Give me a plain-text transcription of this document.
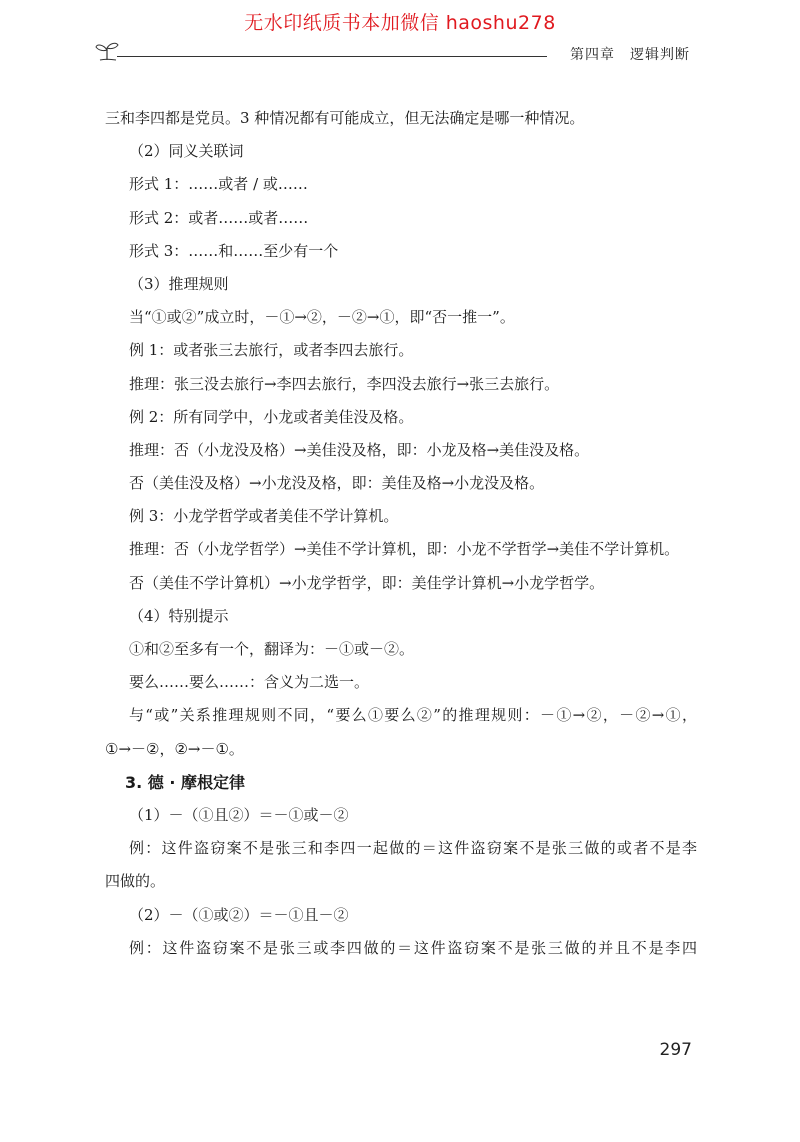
无水印纸质书本加微信 haoshu278
第四章　逻辑判断
三和李四都是党员。3 种情况都有可能成立，但无法确定是哪一种情况。
（2）同义关联词
形式 1：……或者 / 或……
形式 2：或者……或者……
形式 3：……和……至少有一个
（3）推理规则
当“①或②”成立时，－①→②，－②→①，即“否一推一”。
例 1：或者张三去旅行，或者李四去旅行。
推理：张三没去旅行→李四去旅行，李四没去旅行→张三去旅行。
例 2：所有同学中，小龙或者美佳没及格。
推理：否（小龙没及格）→美佳没及格，即：小龙及格→美佳没及格。
否（美佳没及格）→小龙没及格，即：美佳及格→小龙没及格。
例 3：小龙学哲学或者美佳不学计算机。
推理：否（小龙学哲学）→美佳不学计算机，即：小龙不学哲学→美佳不学计算机。
否（美佳不学计算机）→小龙学哲学，即：美佳学计算机→小龙学哲学。
（4）特别提示
①和②至多有一个，翻译为：－①或－②。
要么……要么……：含义为二选一。
与“或”关系推理规则不同，“要么①要么②”的推理规则：－①→②，－②→①，
①→－②，②→－①。
3. 德 · 摩根定律
（1）－（①且②）＝－①或－②
例：这件盗窃案不是张三和李四一起做的＝这件盗窃案不是张三做的或者不是李
四做的。
（2）－（①或②）＝－①且－②
例：这件盗窃案不是张三或李四做的＝这件盗窃案不是张三做的并且不是李四
297
